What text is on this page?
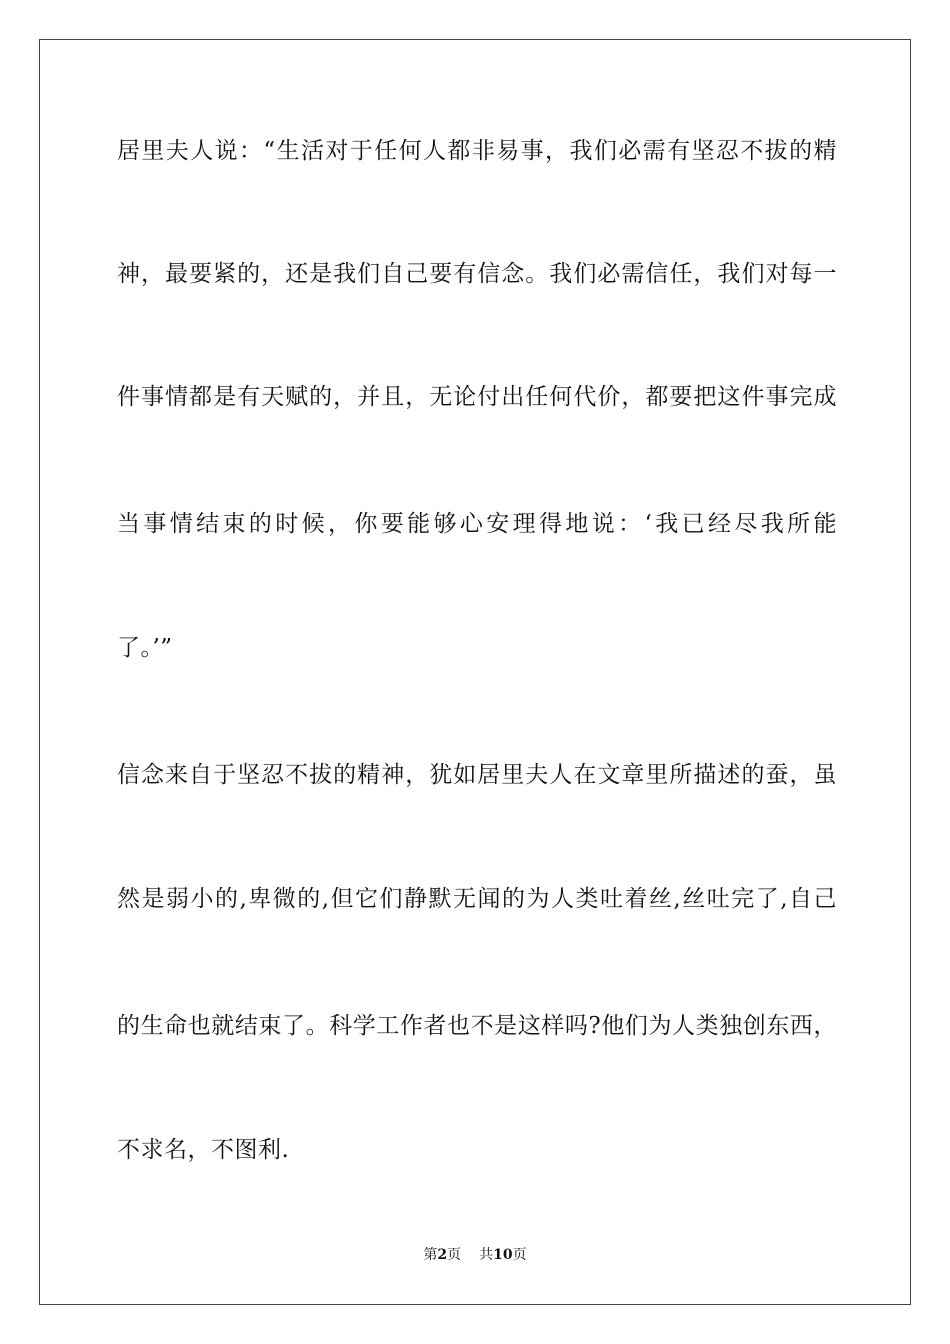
居里夫人说：“生活对于任何人都非易事，我们必需有坚忍不拔的精
神，最要紧的，还是我们自己要有信念。我们必需信任，我们对每一
件事情都是有天赋的，并且，无论付出任何代价，都要把这件事完成
当事情结束的时候，你要能够心安理得地说：‘我已经尽我所能
了。’”
信念来自于坚忍不拔的精神，犹如居里夫人在文章里所描述的蚕，虽
然是弱小的,卑微的,但它们静默无闻的为人类吐着丝,丝吐完了,自己
的生命也就结束了。科学工作者也不是这样吗?他们为人类独创东西，
不求名，不图利.
第2页 共10页
